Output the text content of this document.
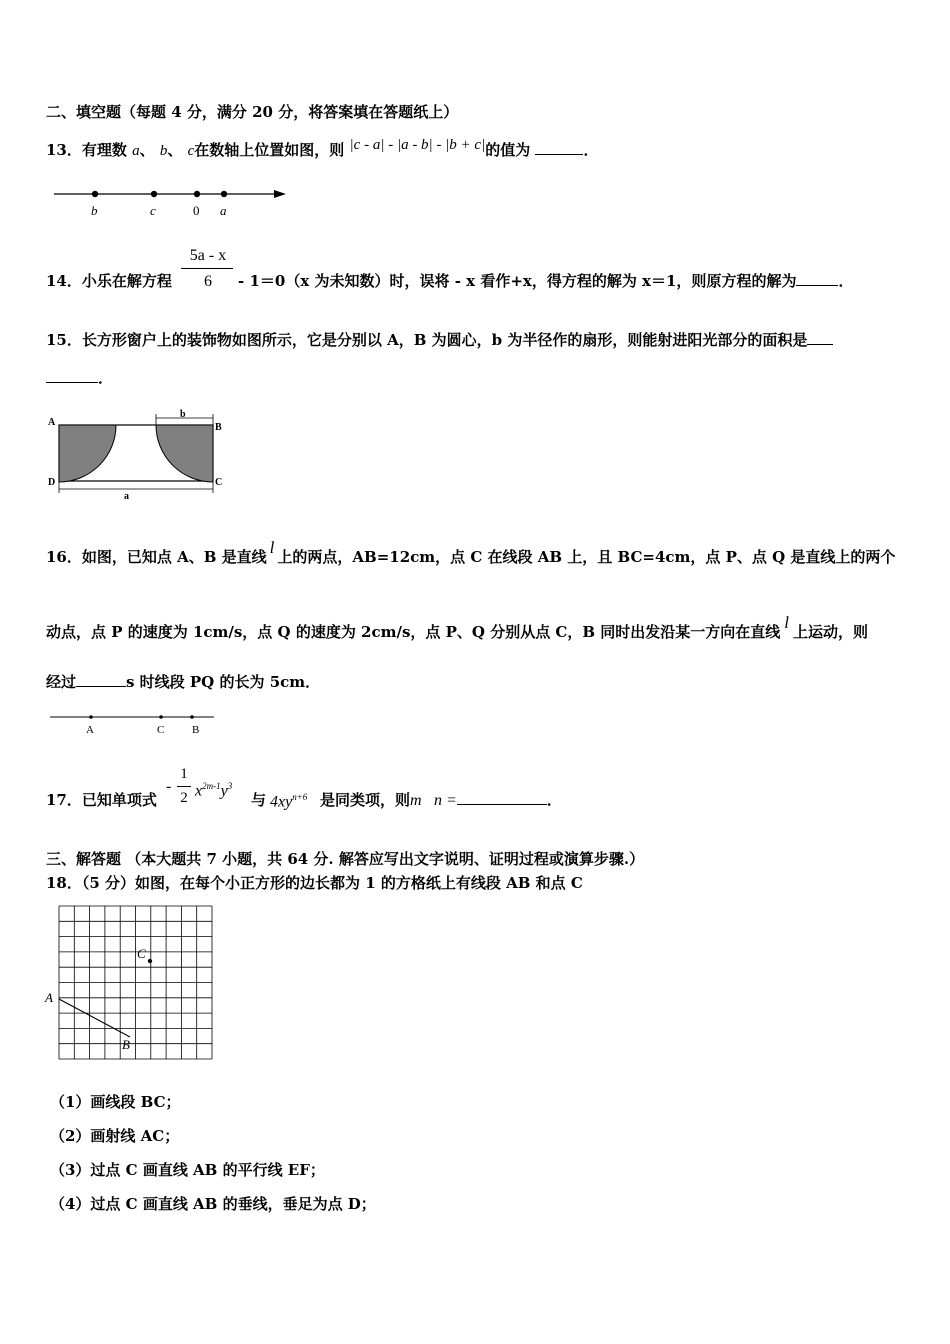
二、填空题（每题 4 分，满分 20 分，将答案填在答题纸上）
13．有理数 a、 b、 c在数轴上位置如图，则 |c - a| - |a - b| - |b + c|的值为	．
b	c	0 a
14．小乐在解方程
5a - x
6	- 1＝0（x 为未知数）时，误将 - x 看作+x，得方程的解为 x＝1，则原方程的解为	．
15．长方形窗户上的装饰物如图所示，它是分别以 A，B 为圆心，b 为半径作的扇形，则能射进阳光部分的面积是
．
A	B
C
D
a
b
16．如图，已知点 A、B 是直线 l 上的两点，AB=12cm，点 C 在线段 AB 上，且 BC=4cm，点 P、点 Q 是直线上的两个
动点，点 P 的速度为 1cm/s，点 Q 的速度为 2cm/s，点 P、Q 分别从点 C，B 同时出发沿某一方向在直线 l 上运动，则
经过	s 时线段 PQ 的长为 5cm．
A	C	B
17．已知单项式
-
1
2 $x^{2m-1}y^3$
与 $4xy^{n+6}$ 是同类项，则m⃞n =	．
三、解答题 （本大题共 7 小题，共 64 分. 解答应写出文字说明、证明过程或演算步骤.）
18．（5 分）如图，在每个小正方形的边长都为 1 的方格纸上有线段 AB 和点 C
A
B
C
（1）画线段 BC；
（2）画射线 AC；
（3）过点 C 画直线 AB 的平行线 EF；
（4）过点 C 画直线 AB 的垂线，垂足为点 D；
